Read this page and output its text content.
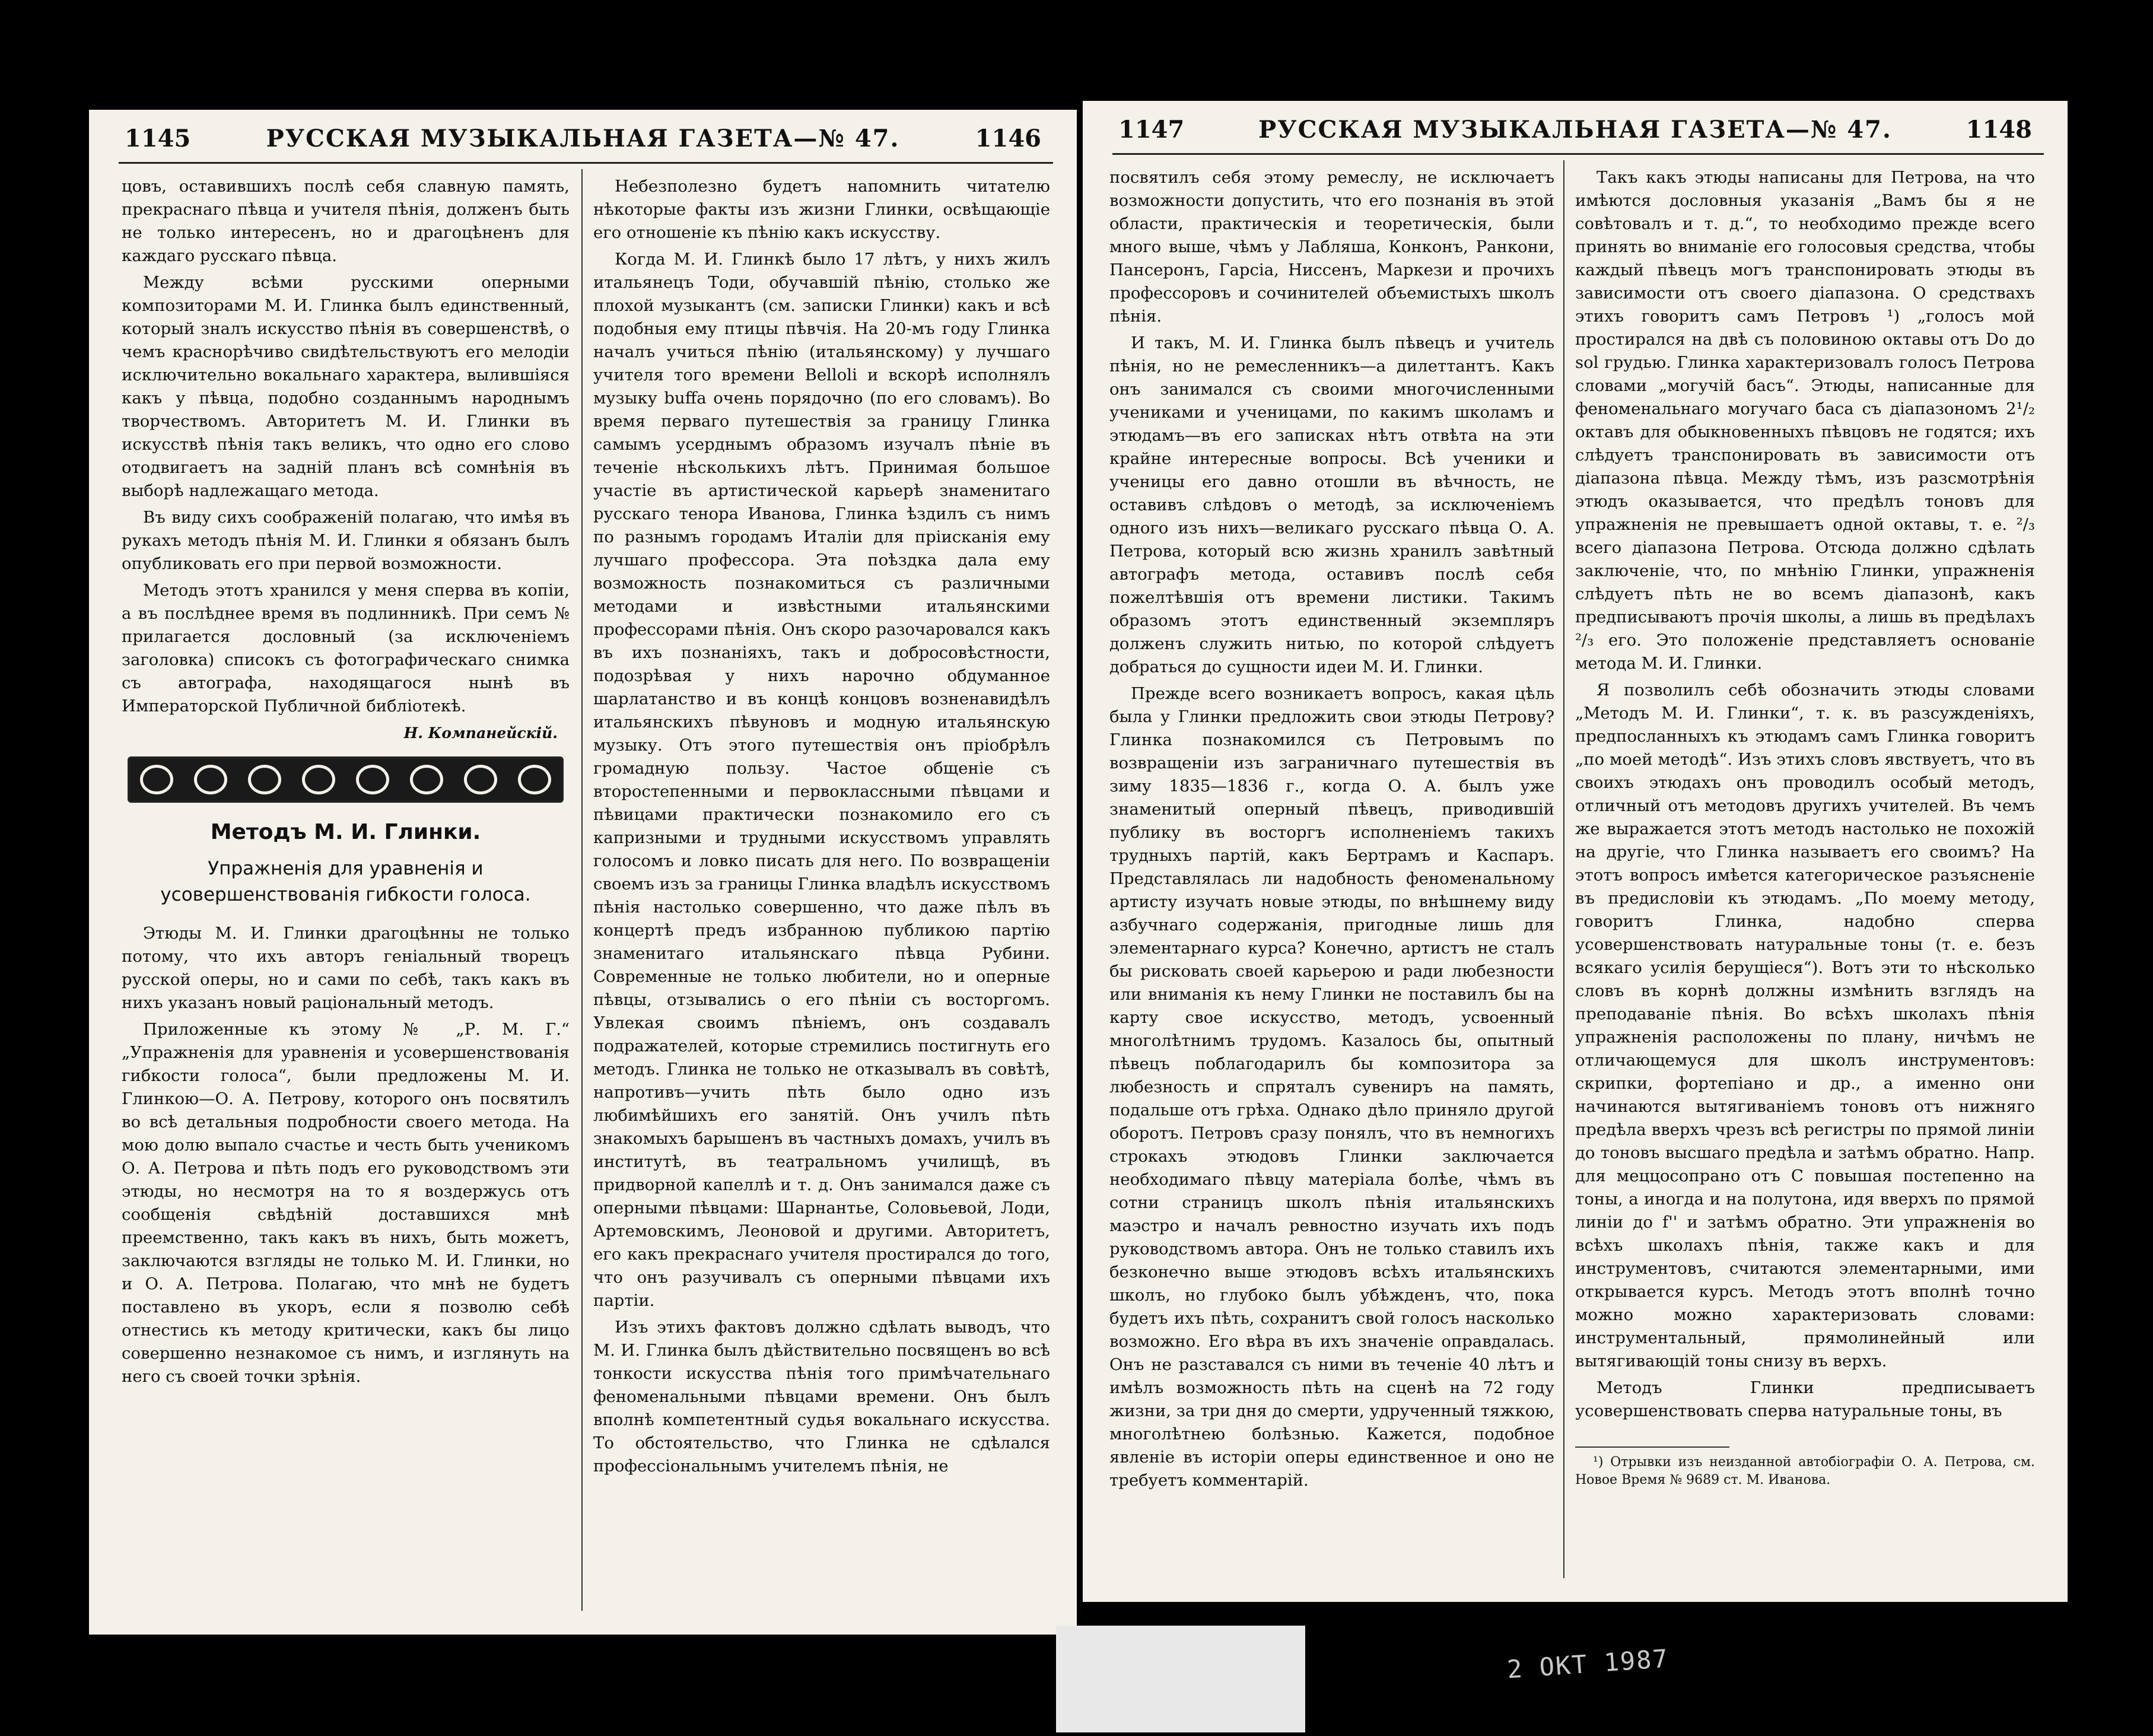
1145	РУССКАЯ МУЗЫКАЛЬНАЯ ГАЗЕТА—№ 47.	1146

цовъ, оставившихъ послѣ себя славную память, прекраснаго пѣвца и учителя пѣнія, долженъ быть не только интересенъ, но и драгоцѣненъ для каждаго русскаго пѣвца.

Между всѣми русскими оперными композиторами М. И. Глинка былъ единственный, который зналъ искусство пѣнія въ совершенствѣ, о чемъ краснорѣчиво свидѣтельствуютъ его мелодіи исключительно вокальнаго характера, вылившіяся какъ у пѣвца, подобно созданнымъ народнымъ творчествомъ. Авторитетъ М. И. Глинки въ искусствѣ пѣнія такъ великъ, что одно его слово отодвигаетъ на задній планъ всѣ сомнѣнія въ выборѣ надлежащаго метода.

Въ виду сихъ соображеній полагаю, что имѣя въ рукахъ методъ пѣнія М. И. Глинки я обязанъ былъ опубликовать его при первой возможности.

Методъ этотъ хранился у меня сперва въ копіи, а въ послѣднее время въ подлинникѣ. При семъ № прилагается дословный (за исключеніемъ заголовка) списокъ съ фотографическаго снимка съ автографа, находящагося нынѣ въ Императорской Публичной библіотекѣ.

Н. Компанейскій.
Методъ М. И. Глинки.
Упражненія для уравненія и усовершенствованія гибкости голоса.

Этюды М. И. Глинки драгоцѣнны не только потому, что ихъ авторъ геніальный творецъ русской оперы, но и сами по себѣ, такъ какъ въ нихъ указанъ новый раціональный методъ.

Приложенные къ этому № „Р. М. Г.“ „Упражненія для уравненія и усовершенствованія гибкости голоса“, были предложены М. И. Глинкою—О. А. Петрову, которого онъ посвятилъ во всѣ детальныя подробности своего метода. На мою долю выпало счастье и честь быть ученикомъ О. А. Петрова и пѣть подъ его руководствомъ эти этюды, но несмотря на то я воздержусь отъ сообщенія свѣдѣній доставшихся мнѣ преемственно, такъ какъ въ нихъ, быть можетъ, заключаются взгляды не только М. И. Глинки, но и О. А. Петрова. Полагаю, что мнѣ не будетъ поставлено въ укоръ, если я позволю себѣ отнестись къ методу критически, какъ бы лицо совершенно незнакомое съ нимъ, и изглянуть на него съ своей точки зрѣнія.

Небезполезно будетъ напомнить читателю нѣкоторые факты изъ жизни Глинки, освѣщающіе его отношеніе къ пѣнію какъ искусству.

Когда М. И. Глинкѣ было 17 лѣтъ, у нихъ жилъ итальянецъ Тоди, обучавшій пѣнію, столько же плохой музыкантъ (см. записки Глинки) какъ и всѣ подобныя ему птицы пѣвчія. На 20-мъ году Глинка началъ учиться пѣнію (итальянскому) у лучшаго учителя того времени Belloli и вскорѣ исполнялъ музыку buffa очень порядочно (по его словамъ). Во время перваго путешествія за границу Глинка самымъ усерднымъ образомъ изучалъ пѣніе въ теченіе нѣсколькихъ лѣтъ. Принимая большое участіе въ артистической карьерѣ знаменитаго русскаго тенора Иванова, Глинка ѣздилъ съ нимъ по разнымъ городамъ Италіи для пріисканія ему лучшаго профессора. Эта поѣздка дала ему возможность познакомиться съ различными методами и извѣстными итальянскими профессорами пѣнія. Онъ скоро разочаровался какъ въ ихъ познаніяхъ, такъ и добросовѣстности, подозрѣвая у нихъ нарочно обдуманное шарлатанство и въ концѣ концовъ возненавидѣлъ итальянскихъ пѣвуновъ и модную итальянскую музыку. Отъ этого путешествія онъ пріобрѣлъ громадную пользу. Частое общеніе съ второстепенными и первоклассными пѣвцами и пѣвицами практически познакомило его съ капризными и трудными искусствомъ управлять голосомъ и ловко писать для него. По возвращеніи своемъ изъ за границы Глинка владѣлъ искусствомъ пѣнія настолько совершенно, что даже пѣлъ въ концертѣ предъ избранною публикою партію знаменитаго итальянскаго пѣвца Рубини. Современные не только любители, но и оперные пѣвцы, отзывались о его пѣніи съ восторгомъ. Увлекая своимъ пѣніемъ, онъ создавалъ подражателей, которые стремились постигнуть его методъ. Глинка не только не отказывалъ въ совѣтѣ, напротивъ—учить пѣть было одно изъ любимѣйшихъ его занятій. Онъ училъ пѣть знакомыхъ барышенъ въ частныхъ домахъ, училъ въ институтѣ, въ театральномъ училищѣ, въ придворной капеллѣ и т. д. Онъ занимался даже съ оперными пѣвцами: Шарнантье, Соловьевой, Лоди, Артемовскимъ, Леоновой и другими. Авторитетъ, его какъ прекраснаго учителя простирался до того, что онъ разучивалъ съ оперными пѣвцами ихъ партіи.

Изъ этихъ фактовъ должно сдѣлать выводъ, что М. И. Глинка былъ дѣйствительно посвященъ во всѣ тонкости искусства пѣнія того примѣчательнаго феноменальными пѣвцами времени. Онъ былъ вполнѣ компетентный судья вокальнаго искусства. То обстоятельство, что Глинка не сдѣлался профессіональнымъ учителемъ пѣнія, не

1147	РУССКАЯ МУЗЫКАЛЬНАЯ ГАЗЕТА—№ 47.	1148

посвятилъ себя этому ремеслу, не исключаетъ возможности допустить, что его познанія въ этой области, практическія и теоретическія, были много выше, чѣмъ у Лабляша, Конконъ, Ранкони, Пансеронъ, Гарсіа, Ниссенъ, Маркези и прочихъ профессоровъ и сочинителей объемистыхъ школъ пѣнія.

И такъ, М. И. Глинка былъ пѣвецъ и учитель пѣнія, но не ремесленникъ—а дилеттантъ. Какъ онъ занимался съ своими многочисленными учениками и ученицами, по какимъ школамъ и этюдамъ—въ его записках нѣтъ отвѣта на эти крайне интересные вопросы. Всѣ ученики и ученицы его давно отошли въ вѣчность, не оставивъ слѣдовъ о методѣ, за исключеніемъ одного изъ нихъ—великаго русскаго пѣвца О. А. Петрова, который всю жизнь хранилъ завѣтный автографъ метода, оставивъ послѣ себя пожелтѣвшія отъ времени листики. Такимъ образомъ этотъ единственный экземпляръ долженъ служить нитью, по которой слѣдуетъ добраться до сущности идеи М. И. Глинки.

Прежде всего возникаетъ вопросъ, какая цѣль была у Глинки предложить свои этюды Петрову? Глинка познакомился съ Петровымъ по возвращеніи изъ заграничнаго путешествія въ зиму 1835—1836 г., когда О. А. былъ уже знаменитый оперный пѣвецъ, приводившій публику въ восторгъ исполненіемъ такихъ трудныхъ партій, какъ Бертрамъ и Каспаръ. Представлялась ли надобность феноменальному артисту изучать новые этюды, по внѣшнему виду азбучнаго содержанія, пригодные лишь для элементарнаго курса? Конечно, артистъ не сталъ бы рисковать своей карьерою и ради любезности или вниманія къ нему Глинки не поставилъ бы на карту свое искусство, методъ, усвоенный многолѣтнимъ трудомъ. Казалось бы, опытный пѣвецъ поблагодарилъ бы композитора за любезность и спряталъ сувениръ на память, подальше отъ грѣха. Однако дѣло приняло другой оборотъ. Петровъ сразу понялъ, что въ немногихъ строкахъ этюдовъ Глинки заключается необходимаго пѣвцу матеріала болѣе, чѣмъ въ сотни страницъ школъ пѣнія итальянскихъ маэстро и началъ ревностно изучать ихъ подъ руководствомъ автора. Онъ не только ставилъ ихъ безконечно выше этюдовъ всѣхъ итальянскихъ школъ, но глубоко былъ убѣжденъ, что, пока будетъ ихъ пѣть, сохранитъ свой голосъ насколько возможно. Его вѣра въ ихъ значеніе оправдалась. Онъ не разставался съ ними въ теченіе 40 лѣтъ и имѣлъ возможность пѣть на сценѣ на 72 году жизни, за три дня до смерти, удрученный тяжкою, многолѣтнею болѣзнью. Кажется, подобное явленіе въ исторіи оперы единственное и оно не требуетъ комментарій.

Такъ какъ этюды написаны для Петрова, на что имѣются дословныя указанія „Вамъ бы я не совѣтовалъ и т. д.“, то необходимо прежде всего принять во вниманіе его голосовыя средства, чтобы каждый пѣвецъ могъ транспонировать этюды въ зависимости отъ своего діапазона. О средствахъ этихъ говоритъ самъ Петровъ ¹) „голосъ мой простирался на двѣ съ половиною октавы отъ Do до sol грудью. Глинка характеризовалъ голосъ Петрова словами „могучій басъ“. Этюды, написанные для феноменальнаго могучаго баса съ діапазономъ 2¹/₂ октавъ для обыкновенныхъ пѣвцовъ не годятся; ихъ слѣдуетъ транспонировать въ зависимости отъ діапазона пѣвца. Между тѣмъ, изъ разсмотрѣнія этюдъ оказывается, что предѣлъ тоновъ для упражненія не превышаетъ одной октавы, т. е. ²/₃ всего діапазона Петрова. Отсюда должно сдѣлать заключеніе, что, по мнѣнію Глинки, упражненія слѣдуетъ пѣть не во всемъ діапазонѣ, какъ предписываютъ прочія школы, а лишь въ предѣлахъ ²/₃ его. Это положеніе представляетъ основаніе метода М. И. Глинки.

Я позволилъ себѣ обозначить этюды словами „Методъ М. И. Глинки“, т. к. въ разсужденіяхъ, предпосланныхъ къ этюдамъ самъ Глинка говоритъ „по моей методѣ“. Изъ этихъ словъ явствуетъ, что въ своихъ этюдахъ онъ проводилъ особый методъ, отличный отъ методовъ другихъ учителей. Въ чемъ же выражается этотъ методъ настолько не похожій на другіе, что Глинка называетъ его своимъ? На этотъ вопросъ имѣется категорическое разъясненіе въ предисловіи къ этюдамъ. „По моему методу, говоритъ Глинка, надобно сперва усовершенствовать натуральные тоны (т. е. безъ всякаго усилія берущіеся“). Вотъ эти то нѣсколько словъ въ корнѣ должны измѣнить взглядъ на преподаваніе пѣнія. Во всѣхъ школахъ пѣнія упражненія расположены по плану, ничѣмъ не отличающемуся для школъ инструментовъ: скрипки, фортепіано и др., а именно они начинаются вытягиваніемъ тоновъ отъ нижняго предѣла вверхъ чрезъ всѣ регистры по прямой линіи до тоновъ высшаго предѣла и затѣмъ обратно. Напр. для меццосопрано отъ С повышая постепенно на тоны, а иногда и на полутона, идя вверхъ по прямой линіи до f'' и затѣмъ обратно. Эти упражненія во всѣхъ школахъ пѣнія, также какъ и для инструментовъ, считаются элементарными, ими открывается курсъ. Методъ этотъ вполнѣ точно можно можно характеризовать словами: инструментальный, прямолинейный или вытягивающій тоны снизу въ верхъ.

Методъ Глинки предписываетъ усовершенствовать сперва натуральные тоны, въ

¹) Отрывки изъ неизданной автобіографіи О. А. Петрова, см. Новое Время № 9689 ст. М. Иванова.
2 ОКТ 1987
